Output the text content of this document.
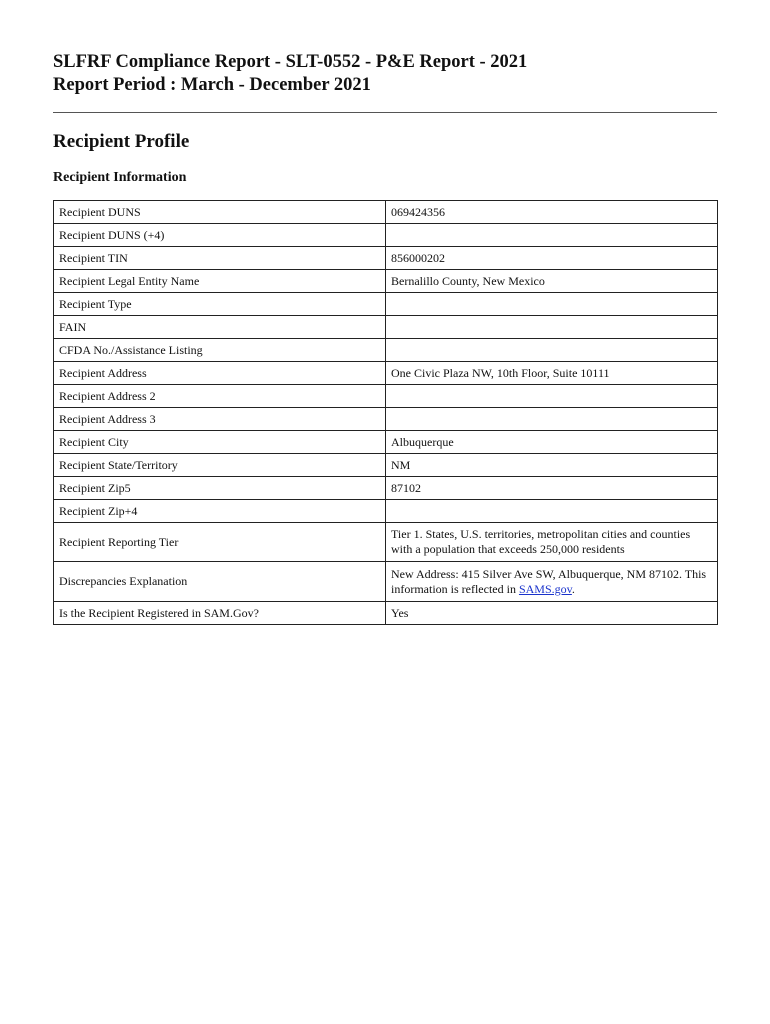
SLFRF Compliance Report - SLT-0552 - P&E Report - 2021
Report Period : March - December 2021
Recipient Profile
Recipient Information
Recipient DUNS	069424356
Recipient DUNS (+4)	
Recipient TIN	856000202
Recipient Legal Entity Name	Bernalillo County, New Mexico
Recipient Type	
FAIN	
CFDA No./Assistance Listing	
Recipient Address	One Civic Plaza NW, 10th Floor, Suite 10111
Recipient Address 2	
Recipient Address 3	
Recipient City	Albuquerque
Recipient State/Territory	NM
Recipient Zip5	87102
Recipient Zip+4	
Recipient Reporting Tier	Tier 1. States, U.S. territories, metropolitan cities and counties with a population that exceeds 250,000 residents
Discrepancies Explanation	New Address: 415 Silver Ave SW, Albuquerque, NM 87102. This information is reflected in SAMS.gov.
Is the Recipient Registered in SAM.Gov?	Yes
